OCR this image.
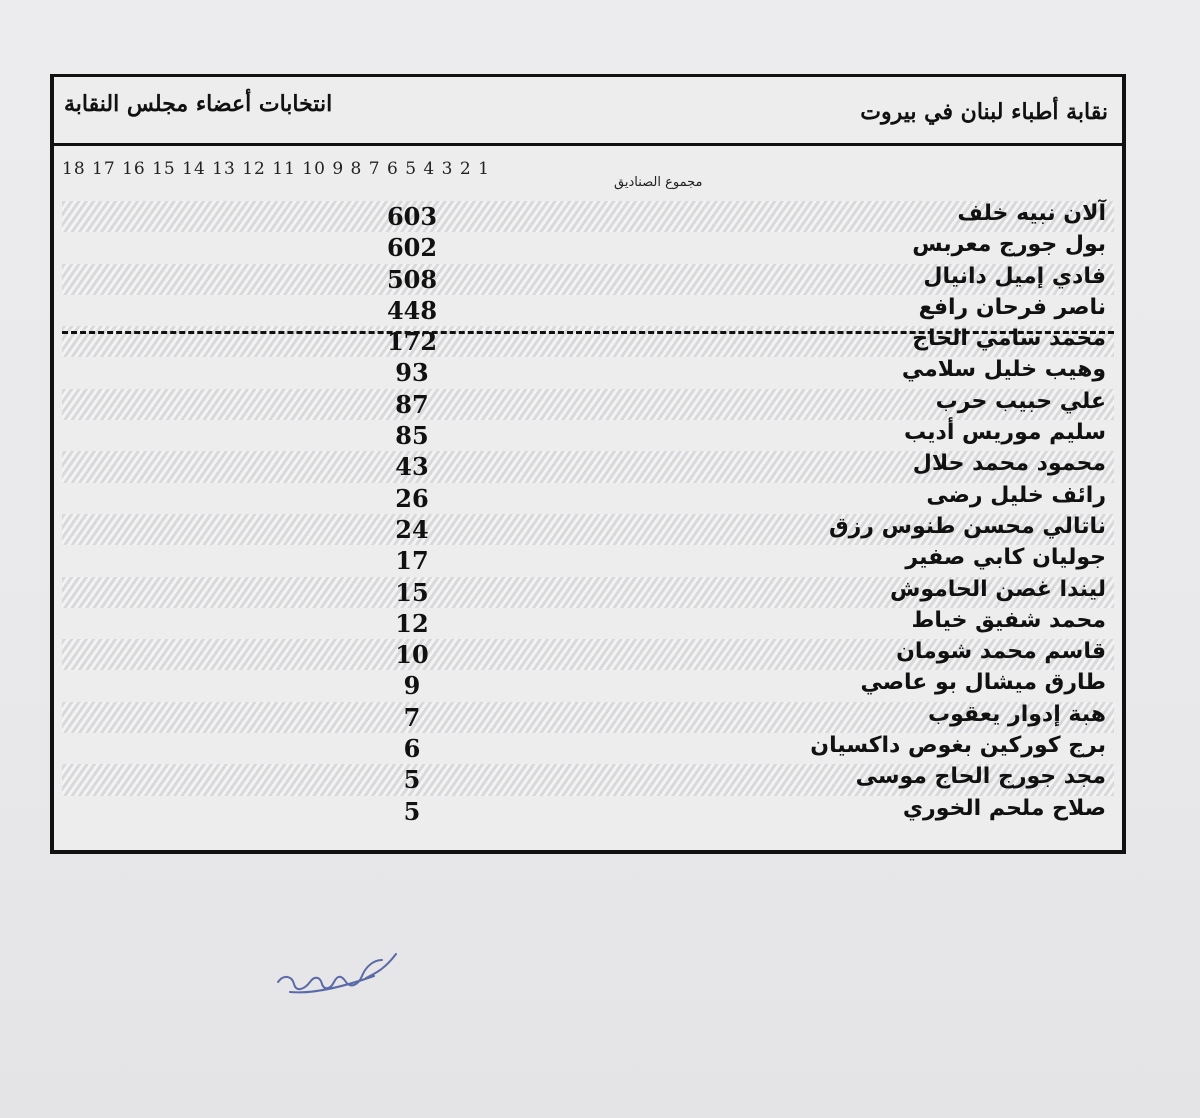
نقابة أطباء لبنان في بيروت
انتخابات أعضاء مجلس النقابة
18 17 16 15 14 13 12 11 10 9 8 7 6 5 4 3 2 1
مجموع الصناديق
603	آلان نبيه خلف
602	بول جورج معربس
508	فادي إميل دانيال
448	ناصر فرحان رافع
172	محمد سامي الحاج
93	وهيب خليل سلامي
87	علي حبيب حرب
85	سليم موريس أديب
43	محمود محمد حلال
26	رائف خليل رضى
24	ناتالي محسن طنوس رزق
17	جوليان كابي صفير
15	ليندا غصن الحاموش
12	محمد شفيق خياط
10	قاسم محمد شومان
9	طارق ميشال بو عاصي
7	هبة إدوار يعقوب
6	برج كوركين بغوص داكسيان
5	مجد جورج الحاج موسى
5	صلاح ملحم الخوري
